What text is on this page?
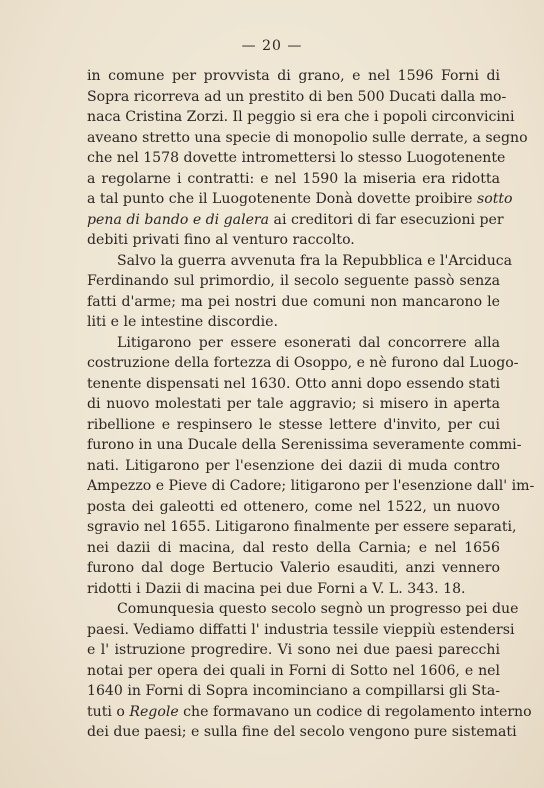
— 20 —
in comune per provvista di grano, e nel 1596 Forni di
Sopra ricorreva ad un prestito di ben 500 Ducati dalla mo-
naca Cristina Zorzi. Il peggio si era che i popoli circonvicini
aveano stretto una specie di monopolio sulle derrate, a segno
che nel 1578 dovette intromettersi lo stesso Luogotenente
a regolarne i contratti: e nel 1590 la miseria era ridotta
a tal punto che il Luogotenente Donà dovette proibire sotto
pena di bando e di galera ai creditori di far esecuzioni per
debiti privati fino al venturo raccolto.
Salvo la guerra avvenuta fra la Repubblica e l'Arciduca
Ferdinando sul primordio, il secolo seguente passò senza
fatti d'arme; ma pei nostri due comuni non mancarono le
liti e le intestine discordie.
Litigarono per essere esonerati dal concorrere alla
costruzione della fortezza di Osoppo, e nè furono dal Luogo-
tenente dispensati nel 1630. Otto anni dopo essendo stati
di nuovo molestati per tale aggravio; si misero in aperta
ribellione e respinsero le stesse lettere d'invito, per cui
furono in una Ducale della Serenissima severamente commi-
nati. Litigarono per l'esenzione dei dazii di muda contro
Ampezzo e Pieve di Cadore; litigarono per l'esenzione dall' im-
posta dei galeotti ed ottenero, come nel 1522, un nuovo
sgravio nel 1655. Litigarono finalmente per essere separati,
nei dazii di macina, dal resto della Carnia; e nel 1656
furono dal doge Bertucio Valerio esauditi, anzi vennero
ridotti i Dazii di macina pei due Forni a V. L. 343. 18.
Comunquesia questo secolo segnò un progresso pei due
paesi. Vediamo diffatti l' industria tessile vieppiù estendersi
e l' istruzione progredire. Vi sono nei due paesi parecchi
notai per opera dei quali in Forni di Sotto nel 1606, e nel
1640 in Forni di Sopra incominciano a compillarsi gli Sta-
tuti o Regole che formavano un codice di regolamento interno
dei due paesi; e sulla fine del secolo vengono pure sistemati
